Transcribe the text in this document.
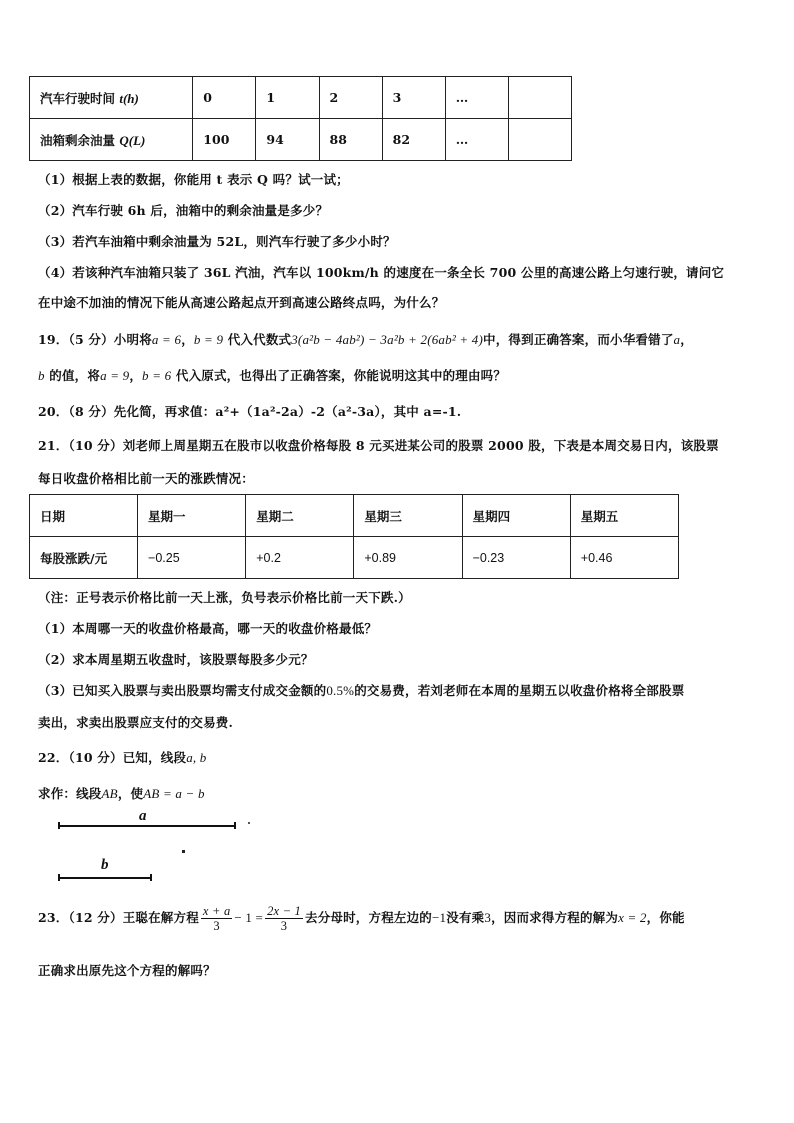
汽车行驶时间 t(h)	0	1	2	3	…	
油箱剩余油量 Q(L)	100	94	88	82	…	
（1）根据上表的数据，你能用 t 表示 Q 吗？试一试；
（2）汽车行驶 6h 后，油箱中的剩余油量是多少？
（3）若汽车油箱中剩余油量为 52L，则汽车行驶了多少小时？
（4）若该种汽车油箱只装了 36L 汽油，汽车以 100km/h 的速度在一条全长 700 公里的高速公路上匀速行驶，请问它
在中途不加油的情况下能从高速公路起点开到高速公路终点吗，为什么？
19．（5 分）小明将a = 6，b = 9 代入代数式3(a²b − 4ab²) − 3a²b + 2(6ab² + 4)中，得到正确答案，而小华看错了a，
b 的值，将a = 9，b = 6 代入原式，也得出了正确答案，你能说明这其中的理由吗？
20．（8 分）先化简，再求值：a²+（1a²-2a）-2（a²-3a），其中 a=-1.
21．（10 分）刘老师上周星期五在股市以收盘价格每股 8 元买进某公司的股票 2000 股，下表是本周交易日内，该股票
每日收盘价格相比前一天的涨跌情况：
日期	星期一	星期二	星期三	星期四	星期五
每股涨跌/元	−0.25	+0.2	+0.89	−0.23	+0.46
（注：正号表示价格比前一天上涨，负号表示价格比前一天下跌.）
（1）本周哪一天的收盘价格最高，哪一天的收盘价格最低？
（2）求本周星期五收盘时，该股票每股多少元？
（3）已知买入股票与卖出股票均需支付成交金额的0.5%的交易费，若刘老师在本周的星期五以收盘价格将全部股票
卖出，求卖出股票应支付的交易费.
22．（10 分）已知，线段a, b
求作：线段AB，使AB = a − b
a
b
23．（12 分）王聪在解方程 $\frac{x + a}{3} - 1 = \frac{2x - 1}{3}$ 去分母时，方程左边的−1没有乘3，因而求得方程的解为x = 2，你能
正确求出原先这个方程的解吗？
